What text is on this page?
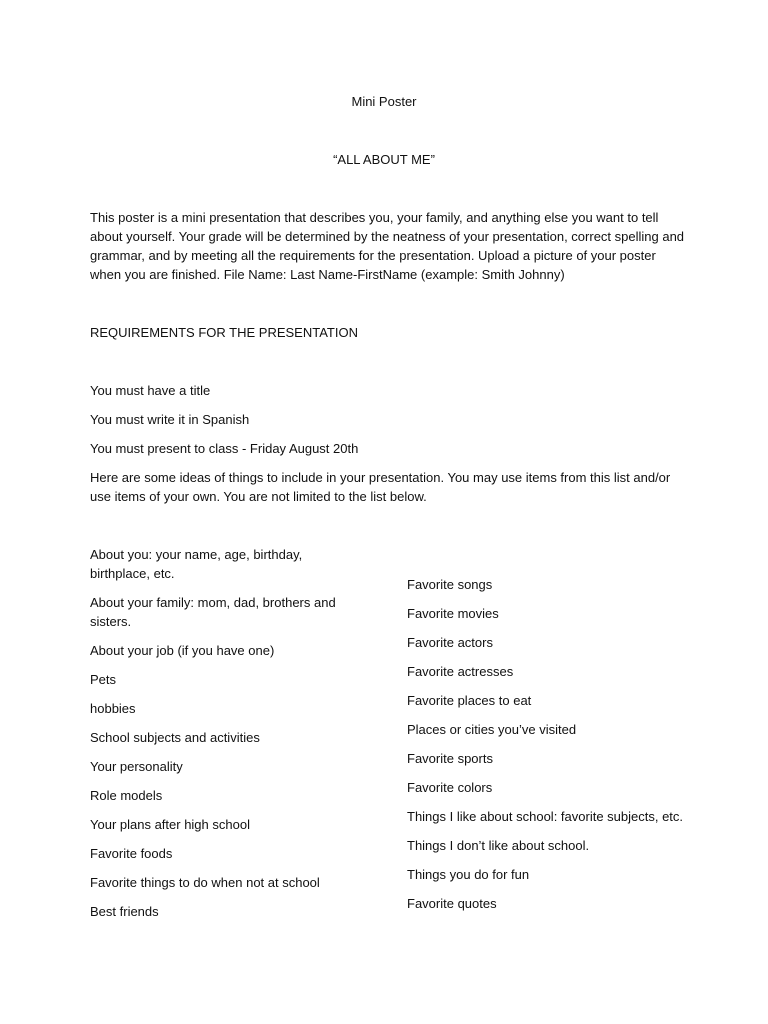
Mini Poster
“ALL ABOUT ME”
This poster is a mini presentation that describes you, your family, and anything else you want to tell about yourself. Your grade will be determined by the neatness of your presentation, correct spelling and grammar, and by meeting all the requirements for the presentation. Upload a picture of your poster when you are finished. File Name: Last Name-FirstName (example: Smith Johnny)
REQUIREMENTS FOR THE PRESENTATION
You must have a title
You must write it in Spanish
You must present to class - Friday August 20th
Here are some ideas of things to include in your presentation. You may use items from this list and/or use items of your own. You are not limited to the list below.
About you: your name, age, birthday, birthplace, etc.
About your family: mom, dad, brothers and sisters.
About your job (if you have one)
Pets
hobbies
School subjects and activities
Your personality
Role models
Your plans after high school
Favorite foods
Favorite things to do when not at school
Best friends
Favorite songs
Favorite movies
Favorite actors
Favorite actresses
Favorite places to eat
Places or cities you’ve visited
Favorite sports
Favorite colors
Things I like about school: favorite subjects, etc.
Things I don’t like about school.
Things you do for fun
Favorite quotes
